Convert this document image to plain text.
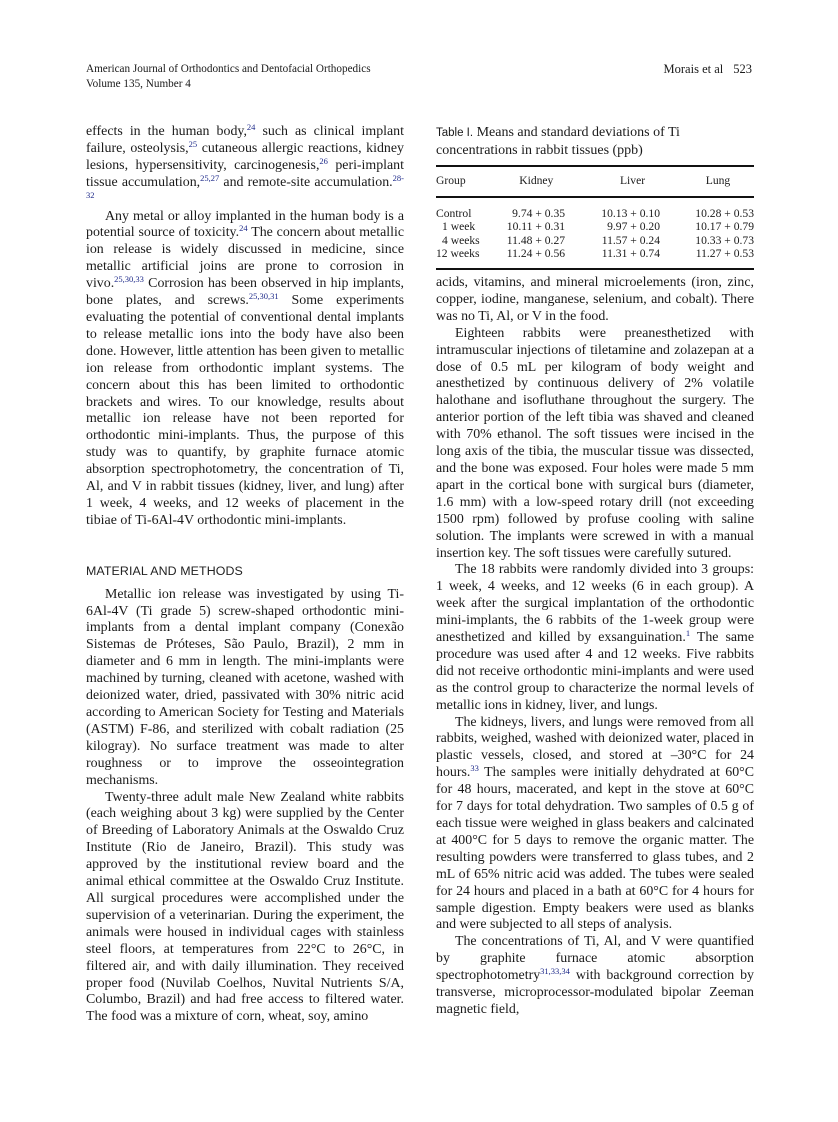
American Journal of Orthodontics and Dentofacial Orthopedics
Volume 135, Number 4
Morais et al 523

effects in the human body,$^{24}$ such as clinical implant failure, osteolysis,$^{25}$ cutaneous allergic reactions, kidney lesions, hypersensitivity, carcinogenesis,$^{26}$ peri-implant tissue accumulation,$^{25,27}$ and remote-site accumulation.$^{28-32}$

Any metal or alloy implanted in the human body is a potential source of toxicity.$^{24}$ The concern about metallic ion release is widely discussed in medicine, since metallic artificial joins are prone to corrosion in vivo.$^{25,30,33}$ Corrosion has been observed in hip implants, bone plates, and screws.$^{25,30,31}$ Some experiments evaluating the potential of conventional dental implants to release metallic ions into the body have also been done. However, little attention has been given to metallic ion release from orthodontic implant systems. The concern about this has been limited to orthodontic brackets and wires. To our knowledge, results about metallic ion release have not been reported for orthodontic mini-implants. Thus, the purpose of this study was to quantify, by graphite furnace atomic absorption spectrophotometry, the concentration of Ti, Al, and V in rabbit tissues (kidney, liver, and lung) after 1 week, 4 weeks, and 12 weeks of placement in the tibiae of Ti-6Al-4V orthodontic mini-implants.

MATERIAL AND METHODS

Metallic ion release was investigated by using Ti-6Al-4V (Ti grade 5) screw-shaped orthodontic mini-implants from a dental implant company (Conexão Sistemas de Próteses, São Paulo, Brazil), 2 mm in diameter and 6 mm in length. The mini-implants were machined by turning, cleaned with acetone, washed with deionized water, dried, passivated with 30% nitric acid according to American Society for Testing and Materials (ASTM) F-86, and sterilized with cobalt radiation (25 kilogray). No surface treatment was made to alter roughness or to improve the osseointegration mechanisms.

Twenty-three adult male New Zealand white rabbits (each weighing about 3 kg) were supplied by the Center of Breeding of Laboratory Animals at the Oswaldo Cruz Institute (Rio de Janeiro, Brazil). This study was approved by the institutional review board and the animal ethical committee at the Oswaldo Cruz Institute. All surgical procedures were accomplished under the supervision of a veterinarian. During the experiment, the animals were housed in individual cages with stainless steel floors, at temperatures from 22°C to 26°C, in filtered air, and with daily illumination. They received proper food (Nuvilab Coelhos, Nuvital Nutrients S/A, Columbo, Brazil) and had free access to filtered water. The food was a mixture of corn, wheat, soy, amino

Table I. Means and standard deviations of Ti concentrations in rabbit tissues (ppb)
Group	Kidney	Liver	Lung
Control	9.74 + 0.35	10.13 + 0.10	10.28 + 0.53
1 week	10.11 + 0.31	9.97 + 0.20	10.17 + 0.79
4 weeks	11.48 + 0.27	11.57 + 0.24	10.33 + 0.73
12 weeks	11.24 + 0.56	11.31 + 0.74	11.27 + 0.53

acids, vitamins, and mineral microelements (iron, zinc, copper, iodine, manganese, selenium, and cobalt). There was no Ti, Al, or V in the food.

Eighteen rabbits were preanesthetized with intramuscular injections of tiletamine and zolazepan at a dose of 0.5 mL per kilogram of body weight and anesthetized by continuous delivery of 2% volatile halothane and isofluthane throughout the surgery. The anterior portion of the left tibia was shaved and cleaned with 70% ethanol. The soft tissues were incised in the long axis of the tibia, the muscular tissue was dissected, and the bone was exposed. Four holes were made 5 mm apart in the cortical bone with surgical burs (diameter, 1.6 mm) with a low-speed rotary drill (not exceeding 1500 rpm) followed by profuse cooling with saline solution. The implants were screwed in with a manual insertion key. The soft tissues were carefully sutured.

The 18 rabbits were randomly divided into 3 groups: 1 week, 4 weeks, and 12 weeks (6 in each group). A week after the surgical implantation of the orthodontic mini-implants, the 6 rabbits of the 1-week group were anesthetized and killed by exsanguination.$^1$ The same procedure was used after 4 and 12 weeks. Five rabbits did not receive orthodontic mini-implants and were used as the control group to characterize the normal levels of metallic ions in kidney, liver, and lungs.

The kidneys, livers, and lungs were removed from all rabbits, weighed, washed with deionized water, placed in plastic vessels, closed, and stored at –30°C for 24 hours.$^{33}$ The samples were initially dehydrated at 60°C for 48 hours, macerated, and kept in the stove at 60°C for 7 days for total dehydration. Two samples of 0.5 g of each tissue were weighed in glass beakers and calcinated at 400°C for 5 days to remove the organic matter. The resulting powders were transferred to glass tubes, and 2 mL of 65% nitric acid was added. The tubes were sealed for 24 hours and placed in a bath at 60°C for 4 hours for sample digestion. Empty beakers were used as blanks and were subjected to all steps of analysis.

The concentrations of Ti, Al, and V were quantified by graphite furnace atomic absorption spectrophotometry$^{31,33,34}$ with background correction by transverse, microprocessor-modulated bipolar Zeeman magnetic field,
